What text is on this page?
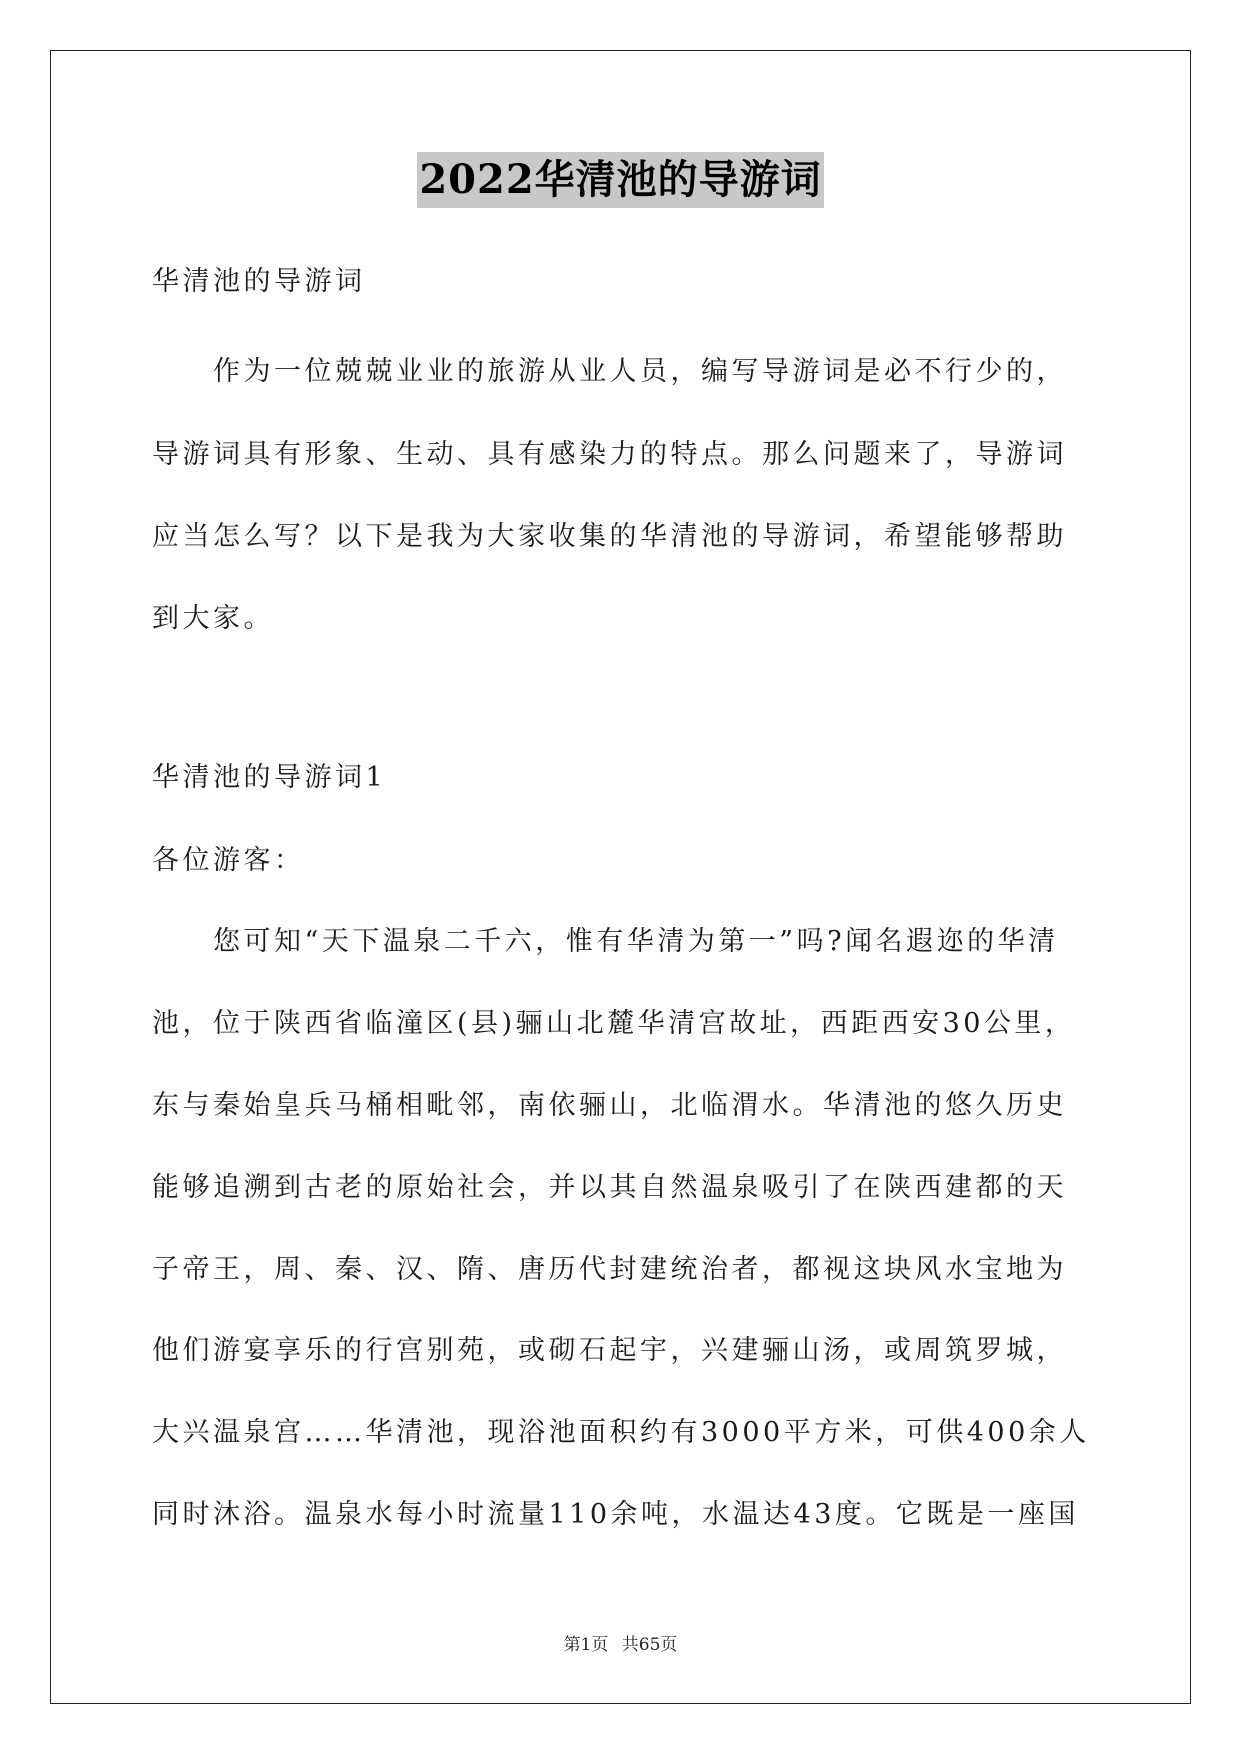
2022华清池的导游词
华清池的导游词
　　作为一位兢兢业业的旅游从业人员，编写导游词是必不行少的，
导游词具有形象、生动、具有感染力的特点。那么问题来了，导游词
应当怎么写？以下是我为大家收集的华清池的导游词，希望能够帮助
到大家。
华清池的导游词1
各位游客：
　　您可知“天下温泉二千六，惟有华清为第一”吗?闻名遐迩的华清
池，位于陕西省临潼区(县)骊山北麓华清宫故址，西距西安30公里，
东与秦始皇兵马桶相毗邻，南依骊山，北临渭水。华清池的悠久历史
能够追溯到古老的原始社会，并以其自然温泉吸引了在陕西建都的天
子帝王，周、秦、汉、隋、唐历代封建统治者，都视这块风水宝地为
他们游宴享乐的行宫别苑，或砌石起宇，兴建骊山汤，或周筑罗城，
大兴温泉宫……华清池，现浴池面积约有3000平方米，可供400余人
同时沐浴。温泉水每小时流量110余吨，水温达43度。它既是一座国
第1页 共65页
